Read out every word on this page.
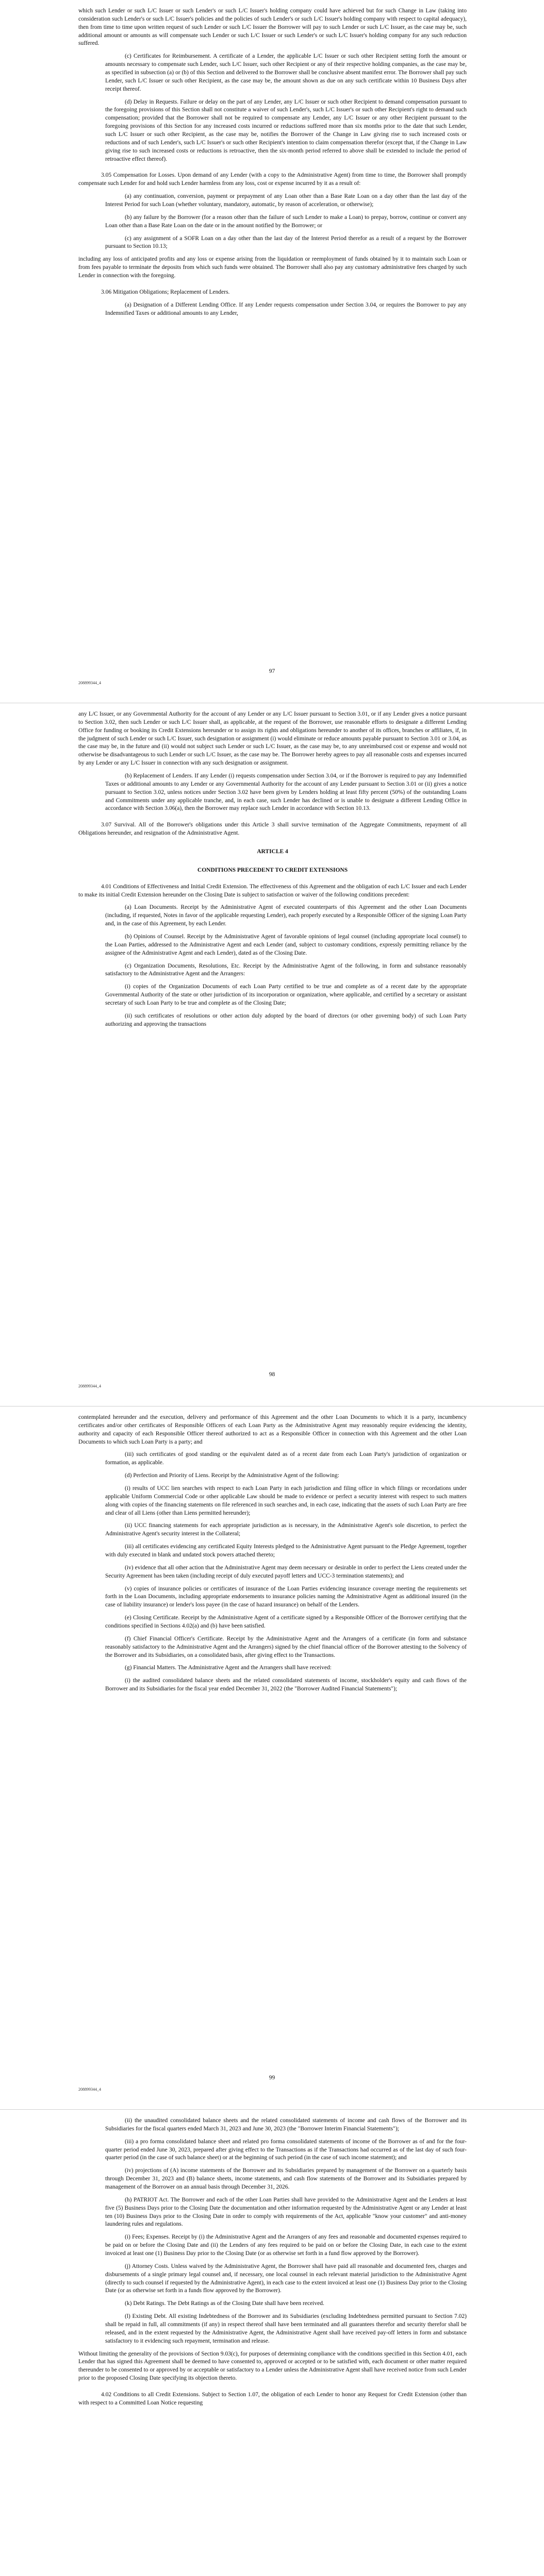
which such Lender or such L/C Issuer or such Lender's or such L/C Issuer's holding company could have achieved but for such Change in Law (taking into consideration such Lender's or such L/C Issuer's policies and the policies of such Lender's or such L/C Issuer's holding company with respect to capital adequacy), then from time to time upon written request of such Lender or such L/C Issuer the Borrower will pay to such Lender or such L/C Issuer, as the case may be, such additional amount or amounts as will compensate such Lender or such L/C Issuer or such Lender's or such L/C Issuer's holding company for any such reduction suffered.

(c) Certificates for Reimbursement. A certificate of a Lender, the applicable L/C Issuer or such other Recipient setting forth the amount or amounts necessary to compensate such Lender, such L/C Issuer, such other Recipient or any of their respective holding companies, as the case may be, as specified in subsection (a) or (b) of this Section and delivered to the Borrower shall be conclusive absent manifest error. The Borrower shall pay such Lender, such L/C Issuer or such other Recipient, as the case may be, the amount shown as due on any such certificate within 10 Business Days after receipt thereof.

(d) Delay in Requests. Failure or delay on the part of any Lender, any L/C Issuer or such other Recipient to demand compensation pursuant to the foregoing provisions of this Section shall not constitute a waiver of such Lender's, such L/C Issuer's or such other Recipient's right to demand such compensation; provided that the Borrower shall not be required to compensate any Lender, any L/C Issuer or any other Recipient pursuant to the foregoing provisions of this Section for any increased costs incurred or reductions suffered more than six months prior to the date that such Lender, such L/C Issuer or such other Recipient, as the case may be, notifies the Borrower of the Change in Law giving rise to such increased costs or reductions and of such Lender's, such L/C Issuer's or such other Recipient's intention to claim compensation therefor (except that, if the Change in Law giving rise to such increased costs or reductions is retroactive, then the six-month period referred to above shall be extended to include the period of retroactive effect thereof).

3.05 Compensation for Losses. Upon demand of any Lender (with a copy to the Administrative Agent) from time to time, the Borrower shall promptly compensate such Lender for and hold such Lender harmless from any loss, cost or expense incurred by it as a result of:

(a) any continuation, conversion, payment or prepayment of any Loan other than a Base Rate Loan on a day other than the last day of the Interest Period for such Loan (whether voluntary, mandatory, automatic, by reason of acceleration, or otherwise);

(b) any failure by the Borrower (for a reason other than the failure of such Lender to make a Loan) to prepay, borrow, continue or convert any Loan other than a Base Rate Loan on the date or in the amount notified by the Borrower; or

(c) any assignment of a SOFR Loan on a day other than the last day of the Interest Period therefor as a result of a request by the Borrower pursuant to Section 10.13;

including any loss of anticipated profits and any loss or expense arising from the liquidation or reemployment of funds obtained by it to maintain such Loan or from fees payable to terminate the deposits from which such funds were obtained. The Borrower shall also pay any customary administrative fees charged by such Lender in connection with the foregoing.

3.06 Mitigation Obligations; Replacement of Lenders.

(a) Designation of a Different Lending Office. If any Lender requests compensation under Section 3.04, or requires the Borrower to pay any Indemnified Taxes or additional amounts to any Lender,

97
208899344_4

any L/C Issuer, or any Governmental Authority for the account of any Lender or any L/C Issuer pursuant to Section 3.01, or if any Lender gives a notice pursuant to Section 3.02, then such Lender or such L/C Issuer shall, as applicable, at the request of the Borrower, use reasonable efforts to designate a different Lending Office for funding or booking its Credit Extensions hereunder or to assign its rights and obligations hereunder to another of its offices, branches or affiliates, if, in the judgment of such Lender or such L/C Issuer, such designation or assignment (i) would eliminate or reduce amounts payable pursuant to Section 3.01 or 3.04, as the case may be, in the future and (ii) would not subject such Lender or such L/C Issuer, as the case may be, to any unreimbursed cost or expense and would not otherwise be disadvantageous to such Lender or such L/C Issuer, as the case may be. The Borrower hereby agrees to pay all reasonable costs and expenses incurred by any Lender or any L/C Issuer in connection with any such designation or assignment.

(b) Replacement of Lenders. If any Lender (i) requests compensation under Section 3.04, or if the Borrower is required to pay any Indemnified Taxes or additional amounts to any Lender or any Governmental Authority for the account of any Lender pursuant to Section 3.01 or (ii) gives a notice pursuant to Section 3.02, unless notices under Section 3.02 have been given by Lenders holding at least fifty percent (50%) of the outstanding Loans and Commitments under any applicable tranche, and, in each case, such Lender has declined or is unable to designate a different Lending Office in accordance with Section 3.06(a), then the Borrower may replace such Lender in accordance with Section 10.13.

3.07 Survival. All of the Borrower's obligations under this Article 3 shall survive termination of the Aggregate Commitments, repayment of all Obligations hereunder, and resignation of the Administrative Agent.

ARTICLE 4

CONDITIONS PRECEDENT TO CREDIT EXTENSIONS

4.01 Conditions of Effectiveness and Initial Credit Extension. The effectiveness of this Agreement and the obligation of each L/C Issuer and each Lender to make its initial Credit Extension hereunder on the Closing Date is subject to satisfaction or waiver of the following conditions precedent:

(a) Loan Documents. Receipt by the Administrative Agent of executed counterparts of this Agreement and the other Loan Documents (including, if requested, Notes in favor of the applicable requesting Lender), each properly executed by a Responsible Officer of the signing Loan Party and, in the case of this Agreement, by each Lender.

(b) Opinions of Counsel. Receipt by the Administrative Agent of favorable opinions of legal counsel (including appropriate local counsel) to the Loan Parties, addressed to the Administrative Agent and each Lender (and, subject to customary conditions, expressly permitting reliance by the assignee of the Administrative Agent and each Lender), dated as of the Closing Date.

(c) Organization Documents, Resolutions, Etc. Receipt by the Administrative Agent of the following, in form and substance reasonably satisfactory to the Administrative Agent and the Arrangers:

(i) copies of the Organization Documents of each Loan Party certified to be true and complete as of a recent date by the appropriate Governmental Authority of the state or other jurisdiction of its incorporation or organization, where applicable, and certified by a secretary or assistant secretary of such Loan Party to be true and complete as of the Closing Date;

(ii) such certificates of resolutions or other action duly adopted by the board of directors (or other governing body) of such Loan Party authorizing and approving the transactions

98
208899344_4

contemplated hereunder and the execution, delivery and performance of this Agreement and the other Loan Documents to which it is a party, incumbency certificates and/or other certificates of Responsible Officers of each Loan Party as the Administrative Agent may reasonably require evidencing the identity, authority and capacity of each Responsible Officer thereof authorized to act as a Responsible Officer in connection with this Agreement and the other Loan Documents to which such Loan Party is a party; and

(iii) such certificates of good standing or the equivalent dated as of a recent date from each Loan Party's jurisdiction of organization or formation, as applicable.

(d) Perfection and Priority of Liens. Receipt by the Administrative Agent of the following:

(i) results of UCC lien searches with respect to each Loan Party in each jurisdiction and filing office in which filings or recordations under applicable Uniform Commercial Code or other applicable Law should be made to evidence or perfect a security interest with respect to such matters along with copies of the financing statements on file referenced in such searches and, in each case, indicating that the assets of such Loan Party are free and clear of all Liens (other than Liens permitted hereunder);

(ii) UCC financing statements for each appropriate jurisdiction as is necessary, in the Administrative Agent's sole discretion, to perfect the Administrative Agent's security interest in the Collateral;

(iii) all certificates evidencing any certificated Equity Interests pledged to the Administrative Agent pursuant to the Pledge Agreement, together with duly executed in blank and undated stock powers attached thereto;

(iv) evidence that all other action that the Administrative Agent may deem necessary or desirable in order to perfect the Liens created under the Security Agreement has been taken (including receipt of duly executed payoff letters and UCC-3 termination statements); and

(v) copies of insurance policies or certificates of insurance of the Loan Parties evidencing insurance coverage meeting the requirements set forth in the Loan Documents, including appropriate endorsements to insurance policies naming the Administrative Agent as additional insured (in the case of liability insurance) or lender's loss payee (in the case of hazard insurance) on behalf of the Lenders.

(e) Closing Certificate. Receipt by the Administrative Agent of a certificate signed by a Responsible Officer of the Borrower certifying that the conditions specified in Sections 4.02(a) and (b) have been satisfied.

(f) Chief Financial Officer's Certificate. Receipt by the Administrative Agent and the Arrangers of a certificate (in form and substance reasonably satisfactory to the Administrative Agent and the Arrangers) signed by the chief financial officer of the Borrower attesting to the Solvency of the Borrower and its Subsidiaries, on a consolidated basis, after giving effect to the Transactions.

(g) Financial Matters. The Administrative Agent and the Arrangers shall have received:

(i) the audited consolidated balance sheets and the related consolidated statements of income, stockholder's equity and cash flows of the Borrower and its Subsidiaries for the fiscal year ended December 31, 2022 (the "Borrower Audited Financial Statements");

99
208899344_4

(ii) the unaudited consolidated balance sheets and the related consolidated statements of income and cash flows of the Borrower and its Subsidiaries for the fiscal quarters ended March 31, 2023 and June 30, 2023 (the "Borrower Interim Financial Statements");

(iii) a pro forma consolidated balance sheet and related pro forma consolidated statements of income of the Borrower as of and for the four-quarter period ended June 30, 2023, prepared after giving effect to the Transactions as if the Transactions had occurred as of the last day of such four-quarter period (in the case of such balance sheet) or at the beginning of such period (in the case of such income statement); and

(iv) projections of (A) income statements of the Borrower and its Subsidiaries prepared by management of the Borrower on a quarterly basis through December 31, 2023 and (B) balance sheets, income statements, and cash flow statements of the Borrower and its Subsidiaries prepared by management of the Borrower on an annual basis through December 31, 2026.

(h) PATRIOT Act. The Borrower and each of the other Loan Parties shall have provided to the Administrative Agent and the Lenders at least five (5) Business Days prior to the Closing Date the documentation and other information requested by the Administrative Agent or any Lender at least ten (10) Business Days prior to the Closing Date in order to comply with requirements of the Act, applicable "know your customer" and anti-money laundering rules and regulations.

(i) Fees; Expenses. Receipt by (i) the Administrative Agent and the Arrangers of any fees and reasonable and documented expenses required to be paid on or before the Closing Date and (ii) the Lenders of any fees required to be paid on or before the Closing Date, in each case to the extent invoiced at least one (1) Business Day prior to the Closing Date (or as otherwise set forth in a fund flow approved by the Borrower).

(j) Attorney Costs. Unless waived by the Administrative Agent, the Borrower shall have paid all reasonable and documented fees, charges and disbursements of a single primary legal counsel and, if necessary, one local counsel in each relevant material jurisdiction to the Administrative Agent (directly to such counsel if requested by the Administrative Agent), in each case to the extent invoiced at least one (1) Business Day prior to the Closing Date (or as otherwise set forth in a funds flow approved by the Borrower).

(k) Debt Ratings. The Debt Ratings as of the Closing Date shall have been received.

(l) Existing Debt. All existing Indebtedness of the Borrower and its Subsidiaries (excluding Indebtedness permitted pursuant to Section 7.02) shall be repaid in full, all commitments (if any) in respect thereof shall have been terminated and all guarantees therefor and security therefor shall be released, and in the extent requested by the Administrative Agent, the Administrative Agent shall have received pay-off letters in form and substance satisfactory to it evidencing such repayment, termination and release.

Without limiting the generality of the provisions of Section 9.03(c), for purposes of determining compliance with the conditions specified in this Section 4.01, each Lender that has signed this Agreement shall be deemed to have consented to, approved or accepted or to be satisfied with, each document or other matter required thereunder to be consented to or approved by or acceptable or satisfactory to a Lender unless the Administrative Agent shall have received notice from such Lender prior to the proposed Closing Date specifying its objection thereto.

4.02 Conditions to all Credit Extensions. Subject to Section 1.07, the obligation of each Lender to honor any Request for Credit Extension (other than with respect to a Committed Loan Notice requesting
